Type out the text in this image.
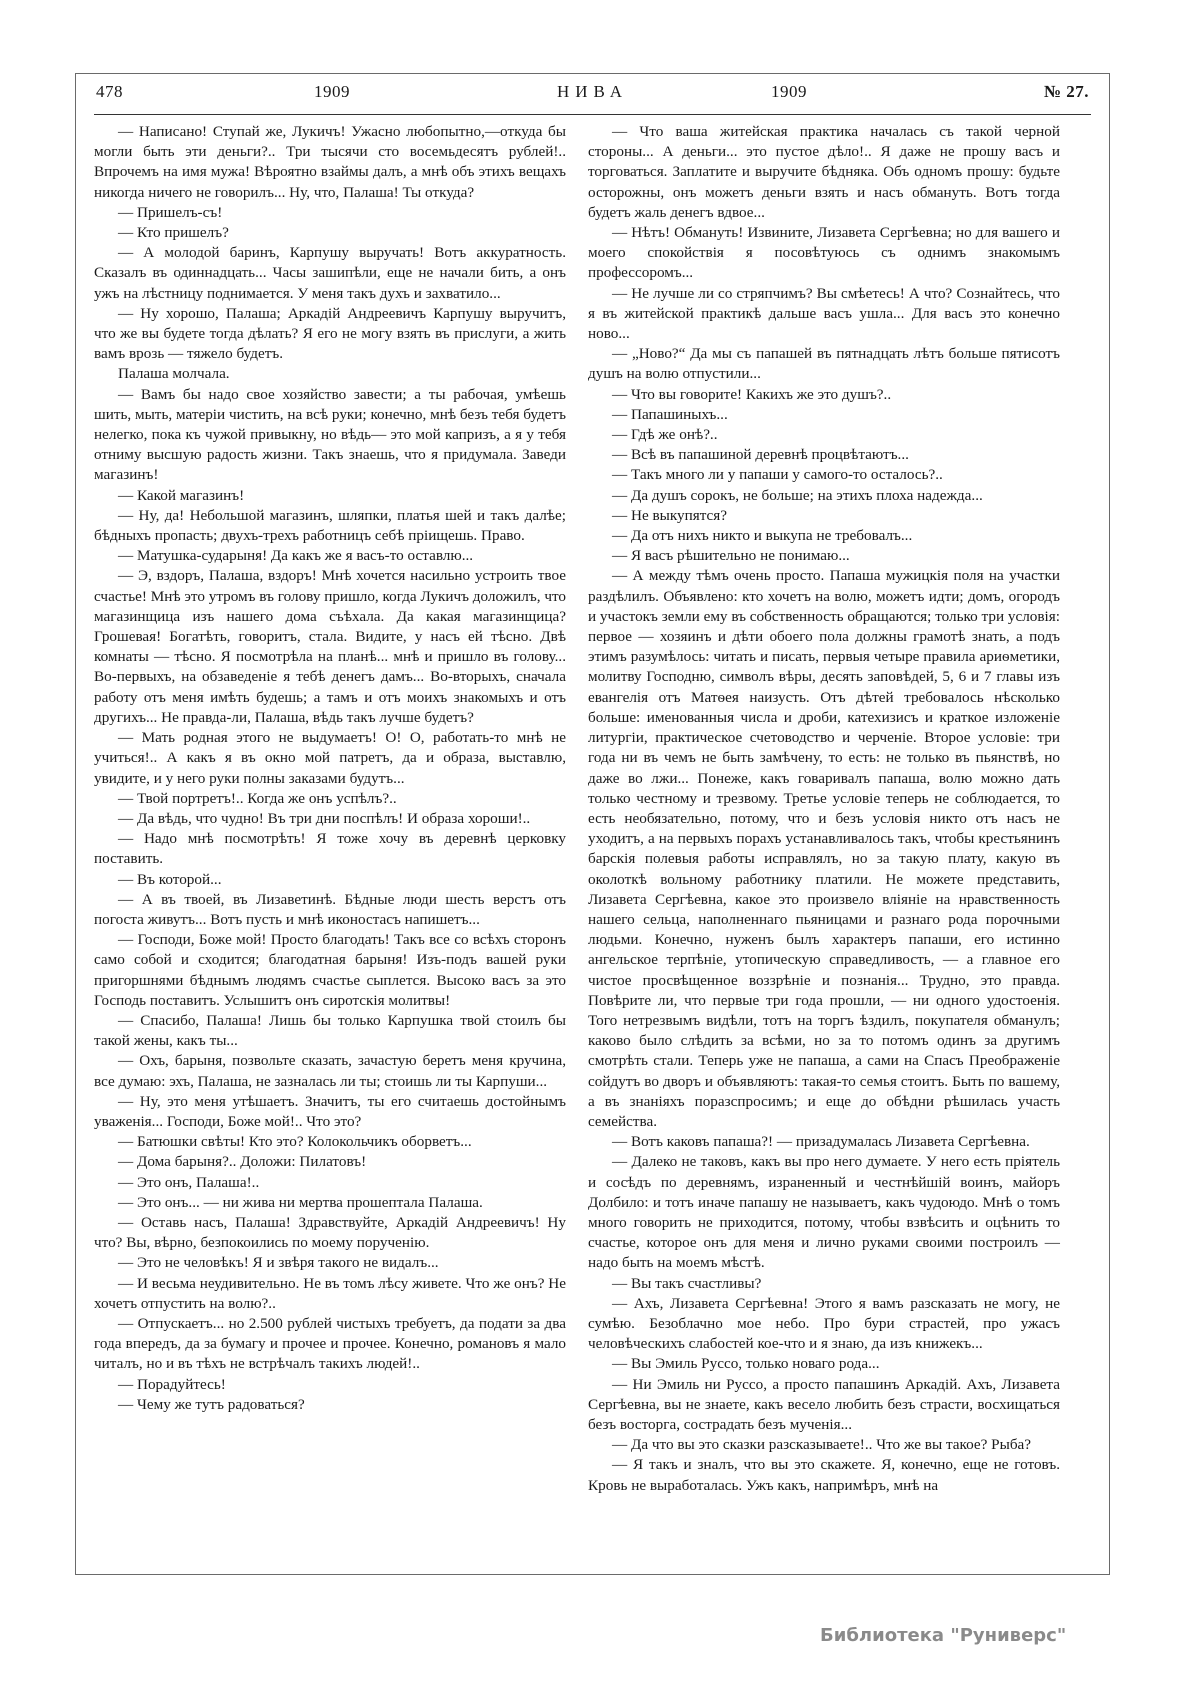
478	1909	НИВА	1909	№ 27.

— Написано! Ступай же, Лукичъ! Ужасно любопытно,—откуда бы могли быть эти деньги?.. Три тысячи сто восемьдесятъ рублей!.. Впрочемъ на имя мужа! Вѣроятно взаймы далъ, а мнѣ объ этихъ вещахъ никогда ничего не говорилъ... Ну, что, Палаша! Ты откуда?

— Пришелъ-съ!

— Кто пришелъ?

— А молодой баринъ, Карпушу выручать! Вотъ аккуратность. Сказалъ въ одиннадцать... Часы зашипѣли, еще не начали бить, а онъ ужъ на лѣстницу поднимается. У меня такъ духъ и захватило...

— Ну хорошо, Палаша; Аркадій Андреевичъ Карпушу выручитъ, что же вы будете тогда дѣлать? Я его не могу взять въ прислуги, а жить вамъ врозь — тяжело будетъ.

Палаша молчала.

— Вамъ бы надо свое хозяйство завести; а ты рабочая, умѣешь шить, мыть, матеріи чистить, на всѣ руки; конечно, мнѣ безъ тебя будетъ нелегко, пока къ чужой привыкну, но вѣдь— это мой капризъ, а я у тебя отниму высшую радость жизни. Такъ знаешь, что я придумала. Заведи магазинъ!

— Какой магазинъ!

— Ну, да! Небольшой магазинъ, шляпки, платья шей и такъ далѣе; бѣдныхъ пропасть; двухъ-трехъ работницъ себѣ пріищешь. Право.

— Матушка-сударыня! Да какъ же я васъ-то оставлю...

— Э, вздоръ, Палаша, вздоръ! Мнѣ хочется насильно устроить твое счастье! Мнѣ это утромъ въ голову пришло, когда Лукичъ доложилъ, что магазинщица изъ нашего дома съѣхала. Да какая магазинщица? Грошевая! Богатѣть, говоритъ, стала. Видите, у насъ ей тѣсно. Двѣ комнаты — тѣсно. Я посмотрѣла на планѣ... мнѣ и пришло въ голову... Во-первыхъ, на обзаведеніе я тебѣ денегъ дамъ... Во-вторыхъ, сначала работу отъ меня имѣть будешь; а тамъ и отъ моихъ знакомыхъ и отъ другихъ... Не правда-ли, Палаша, вѣдь такъ лучше будетъ?

— Мать родная этого не выдумаетъ! О! О, работать-то мнѣ не учиться!.. А какъ я въ окно мой патретъ, да и образа, выставлю, увидите, и у него руки полны заказами будутъ...

— Твой портретъ!.. Когда же онъ успѣлъ?..

— Да вѣдь, что чудно! Въ три дни поспѣлъ! И образа хороши!..

— Надо мнѣ посмотрѣть! Я тоже хочу въ деревнѣ церковку поставить.

— Въ которой...

— А въ твоей, въ Лизаветинѣ. Бѣдные люди шесть верстъ отъ погоста живутъ... Вотъ пусть и мнѣ иконостасъ напишетъ...

— Господи, Боже мой! Просто благодать! Такъ все со всѣхъ сторонъ само собой и сходится; благодатная барыня! Изъ-подъ вашей руки пригоршнями бѣднымъ людямъ счастье сыплется. Высоко васъ за это Господь поставитъ. Услышитъ онъ сиротскія молитвы!

— Спасибо, Палаша! Лишь бы только Карпушка твой стоилъ бы такой жены, какъ ты...

— Охъ, барыня, позвольте сказать, зачастую беретъ меня кручина, все думаю: эхъ, Палаша, не зазналась ли ты; стоишь ли ты Карпуши...

— Ну, это меня утѣшаетъ. Значитъ, ты его считаешь достойнымъ уваженія... Господи, Боже мой!.. Что это?

— Батюшки свѣты! Кто это? Колокольчикъ оборветъ...

— Дома барыня?.. Доложи: Пилатовъ!

— Это онъ, Палаша!..

— Это онъ... — ни жива ни мертва прошептала Палаша.

— Оставь насъ, Палаша! Здравствуйте, Аркадій Андреевичъ! Ну что? Вы, вѣрно, безпокоились по моему порученію.

— Это не человѣкъ! Я и звѣря такого не видалъ...

— И весьма неудивительно. Не въ томъ лѣсу живете. Что же онъ? Не хочетъ отпустить на волю?..

— Отпускаетъ... но 2.500 рублей чистыхъ требуетъ, да подати за два года впередъ, да за бумагу и прочее и прочее. Конечно, романовъ я мало читалъ, но и въ тѣхъ не встрѣчалъ такихъ людей!..

— Порадуйтесь!

— Чему же тутъ радоваться?

— Что ваша житейская практика началась съ такой черной стороны... А деньги... это пустое дѣло!.. Я даже не прошу васъ и торговаться. Заплатите и выручите бѣдняка. Объ одномъ прошу: будьте осторожны, онъ можетъ деньги взять и насъ обмануть. Вотъ тогда будетъ жаль денегъ вдвое...

— Нѣтъ! Обмануть! Извините, Лизавета Сергѣевна; но для вашего и моего спокойствія я посовѣтуюсь съ однимъ знакомымъ профессоромъ...

— Не лучше ли со стряпчимъ? Вы смѣетесь! А что? Сознайтесь, что я въ житейской практикѣ дальше васъ ушла... Для васъ это конечно ново...

— „Ново?“ Да мы съ папашей въ пятнадцать лѣтъ больше пятисотъ душъ на волю отпустили...

— Что вы говорите! Какихъ же это душъ?..

— Папашиныхъ...

— Гдѣ же онѣ?..

— Всѣ въ папашиной деревнѣ процвѣтаютъ...

— Такъ много ли у папаши у самого-то осталось?..

— Да душъ сорокъ, не больше; на этихъ плоха надежда...

— Не выкупятся?

— Да отъ нихъ никто и выкупа не требовалъ...

— Я васъ рѣшительно не понимаю...

— А между тѣмъ очень просто. Папаша мужицкія поля на участки раздѣлилъ. Объявлено: кто хочетъ на волю, можетъ идти; домъ, огородъ и участокъ земли ему въ собственность обращаются; только три условія: первое — хозяинъ и дѣти обоего пола должны грамотѣ знать, а подъ этимъ разумѣлось: читать и писать, первыя четыре правила ариѳметики, молитву Господню, символъ вѣры, десять заповѣдей, 5, 6 и 7 главы изъ евангелія отъ Матѳея наизусть. Отъ дѣтей требовалось нѣсколько больше: именованныя числа и дроби, катехизисъ и краткое изложеніе литургіи, практическое счетоводство и черченіе. Второе условіе: три года ни въ чемъ не быть замѣчену, то есть: не только въ пьянствѣ, но даже во лжи... Понеже, какъ говаривалъ папаша, волю можно дать только честному и трезвому. Третье условіе теперь не соблюдается, то есть необязательно, потому, что и безъ условія никто отъ насъ не уходитъ, а на первыхъ порахъ устанавливалось такъ, чтобы крестьянинъ барскія полевыя работы исправлялъ, но за такую плату, какую въ околоткѣ вольному работнику платили. Не можете представить, Лизавета Сергѣевна, какое это произвело вліяніе на нравственность нашего сельца, наполненнаго пьяницами и разнаго рода порочными людьми. Конечно, нуженъ былъ характеръ папаши, его истинно ангельское терпѣніе, утопическую справедливость, — а главное его чистое просвѣщенное воззрѣніе и познанія... Трудно, это правда. Повѣрите ли, что первые три года прошли, — ни одного удостоенія. Того нетрезвымъ видѣли, тотъ на торгъ ѣздилъ, покупателя обманулъ; каково было слѣдить за всѣми, но за то потомъ одинъ за другимъ смотрѣть стали. Теперь уже не папаша, а сами на Спасъ Преображеніе сойдутъ во дворъ и объявляютъ: такая-то семья стоитъ. Быть по вашему, а въ знаніяхъ поразспросимъ; и еще до обѣдни рѣшилась участь семейства.

— Вотъ каковъ папаша?! — призадумалась Лизавета Сергѣевна.

— Далеко не таковъ, какъ вы про него думаете. У него есть пріятель и сосѣдъ по деревнямъ, израненный и честнѣйшій воинъ, майоръ Долбило: и тотъ иначе папашу не называетъ, какъ чудоюдо. Мнѣ о томъ много говорить не приходится, потому, чтобы взвѣсить и оцѣнить то счастье, которое онъ для меня и лично руками своими построилъ — надо быть на моемъ мѣстѣ.

— Вы такъ счастливы?

— Ахъ, Лизавета Сергѣевна! Этого я вамъ разсказать не могу, не сумѣю. Безоблачно мое небо. Про бури страстей, про ужасъ человѣческихъ слабостей кое-что и я знаю, да изъ книжекъ...

— Вы Эмиль Руссо, только новаго рода...

— Ни Эмиль ни Руссо, а просто папашинъ Аркадій. Ахъ, Лизавета Сергѣевна, вы не знаете, какъ весело любить безъ страсти, восхищаться безъ восторга, сострадать безъ мученія...

— Да что вы это сказки разсказываете!.. Что же вы такое? Рыба?

— Я такъ и зналъ, что вы это скажете. Я, конечно, еще не готовъ. Кровь не выработалась. Ужъ какъ, напримѣръ, мнѣ на

Библиотека "Руниверс"
